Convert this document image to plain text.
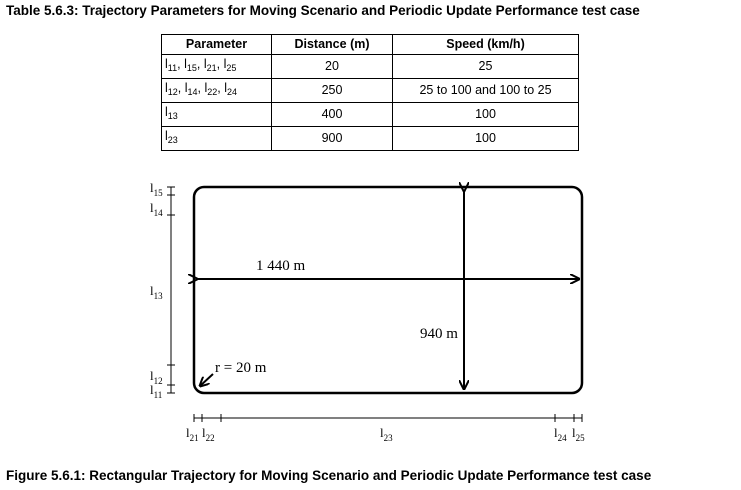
Table 5.6.3: Trajectory Parameters for Moving Scenario and Periodic Update Performance test case
Parameter	Distance (m)	Speed (km/h)
$l_{11}$, $l_{15}$, $l_{21}$, $l_{25}$	20	25
$l_{12}$, $l_{14}$, $l_{22}$, $l_{24}$	250	25 to 100 and 100 to 25
$l_{13}$	400	100
$l_{23}$	900	100
1 440 m
940 m
r = 20 m
$l_{15}$
$l_{14}$
$l_{13}$
$l_{12}$
$l_{11}$
$l_{21}$ $l_{22}$	$l_{23}$	$l_{24}$ $l_{25}$
Figure 5.6.1: Rectangular Trajectory for Moving Scenario and Periodic Update Performance test case
